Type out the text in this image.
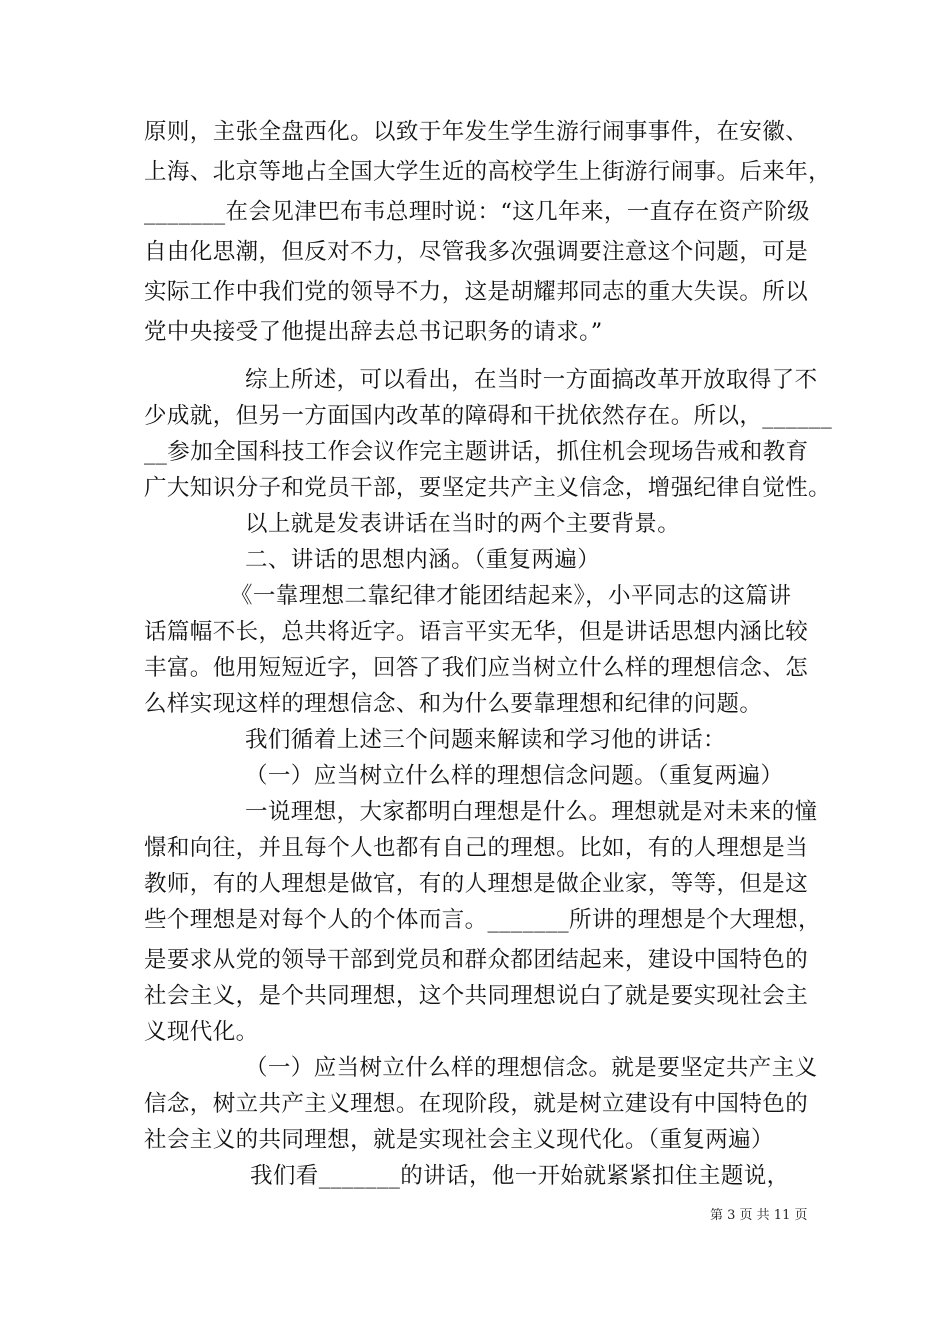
原则，主张全盘西化。以致于年发生学生游行闹事事件，在安徽、
上海、北京等地占全国大学生近的高校学生上街游行闹事。后来年，
_______在会见津巴布韦总理时说：“这几年来，一直存在资产阶级
自由化思潮，但反对不力，尽管我多次强调要注意这个问题，可是
实际工作中我们党的领导不力，这是胡耀邦同志的重大失误。所以
党中央接受了他提出辞去总书记职务的请求。”
综上所述，可以看出，在当时一方面搞改革开放取得了不
少成就，但另一方面国内改革的障碍和干扰依然存在。所以，______
__参加全国科技工作会议作完主题讲话，抓住机会现场告戒和教育
广大知识分子和党员干部，要坚定共产主义信念，增强纪律自觉性。
以上就是发表讲话在当时的两个主要背景。
二、讲话的思想内涵。（重复两遍）
《一靠理想二靠纪律才能团结起来》，小平同志的这篇讲
话篇幅不长，总共将近字。语言平实无华，但是讲话思想内涵比较
丰富。他用短短近字，回答了我们应当树立什么样的理想信念、怎
么样实现这样的理想信念、和为什么要靠理想和纪律的问题。
我们循着上述三个问题来解读和学习他的讲话：
（一）应当树立什么样的理想信念问题。（重复两遍）
一说理想，大家都明白理想是什么。理想就是对未来的憧
憬和向往，并且每个人也都有自己的理想。比如，有的人理想是当
教师，有的人理想是做官，有的人理想是做企业家，等等，但是这
些个理想是对每个人的个体而言。_______所讲的理想是个大理想，
是要求从党的领导干部到党员和群众都团结起来，建设中国特色的
社会主义，是个共同理想，这个共同理想说白了就是要实现社会主
义现代化。
（一）应当树立什么样的理想信念。就是要坚定共产主义
信念，树立共产主义理想。在现阶段，就是树立建设有中国特色的
社会主义的共同理想，就是实现社会主义现代化。（重复两遍）
我们看_______的讲话，他一开始就紧紧扣住主题说，
第 3 页 共 11 页
